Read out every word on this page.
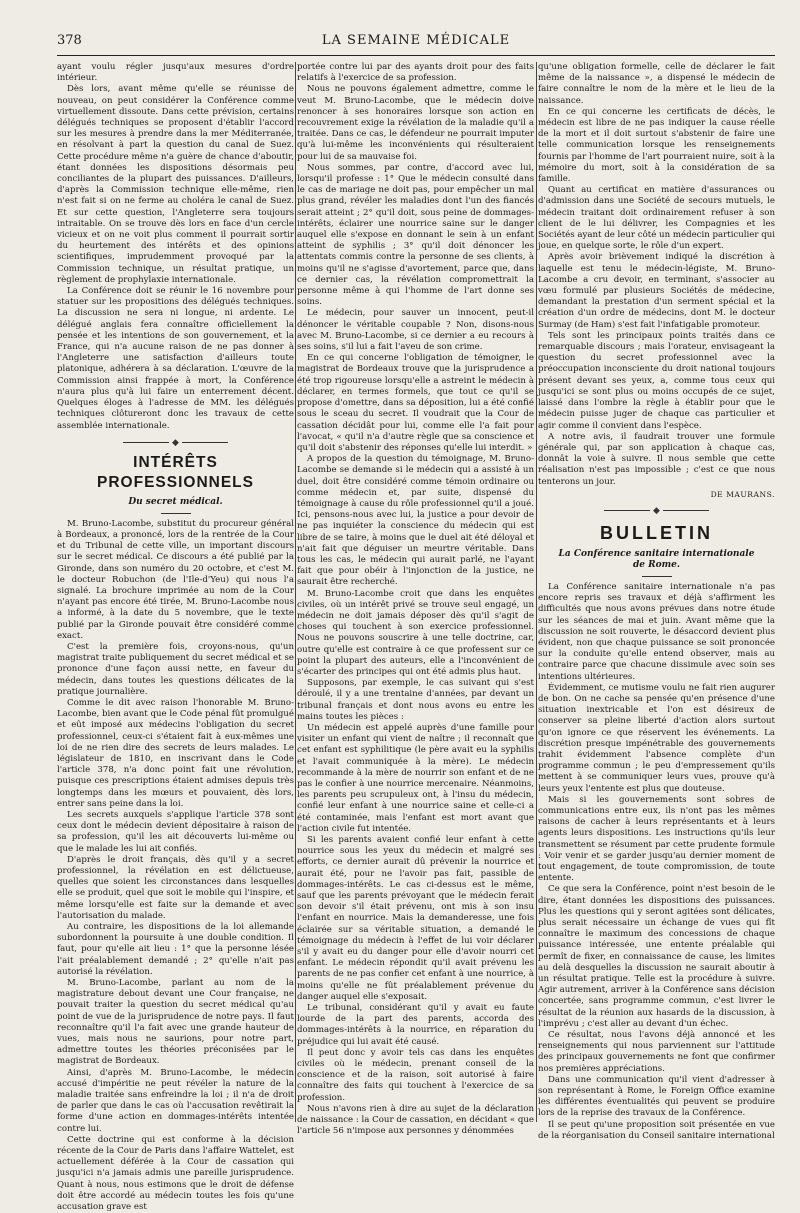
378	LA SEMAINE MÉDICALE

ayant voulu régler jusqu'aux mesures d'ordre intérieur.

Dès lors, avant même qu'elle se réunisse de nouveau, on peut considérer la Conférence comme virtuellement dissoute. Dans cette prévision, certains délégués techniques se proposent d'établir l'accord sur les mesures à prendre dans la mer Méditerranée, en résolvant à part la question du canal de Suez. Cette procédure même n'a guère de chance d'aboutir, étant données les dispositions désormais peu conciliantes de la plupart des puissances. D'ailleurs, d'après la Commission technique elle-même, rien n'est fait si on ne ferme au choléra le canal de Suez. Et sur cette question, l'Angleterre sera toujours intraitable. On se trouve dès lors en face d'un cercle vicieux et on ne voit plus comment il pourrait sortir du heurtement des intérêts et des opinions scientifiques, imprudemment provoqué par la Commission technique, un résultat pratique, un règlement de prophylaxie internationale.

La Conférence doit se réunir le 16 novembre pour statuer sur les propositions des délégués techniques. La discussion ne sera ni longue, ni ardente. Le délégué anglais fera connaître officiellement la pensée et les intentions de son gouvernement, et la France, qui n'a aucune raison de ne pas donner à l'Angleterre une satisfaction d'ailleurs toute platonique, adhérera à sa déclaration. L'œuvre de la Commission ainsi frappée à mort, la Conférence n'aura plus qu'à lui faire un enterrement décent. Quelques éloges à l'adresse de MM. les délégués techniques clôtureront donc les travaux de cette assemblée internationale.

◆
INTÉRÊTS PROFESSIONNELS
Du secret médical.

M. Bruno-Lacombe, substitut du procureur général à Bordeaux, a prononcé, lors de la rentrée de la Cour et du Tribunal de cette ville, un important discours sur le secret médical. Ce discours a été publié par la Gironde, dans son numéro du 20 octobre, et c'est M. le docteur Robuchon (de l'Ile-d'Yeu) qui nous l'a signalé. La brochure imprimée au nom de la Cour n'ayant pas encore été tirée, M. Bruno-Lacombe nous a informé, à la date du 5 novembre, que le texte publié par la Gironde pouvait être considéré comme exact.

C'est la première fois, croyons-nous, qu'un magistrat traite publiquement du secret médical et se prononce d'une façon aussi nette, en faveur du médecin, dans toutes les questions délicates de la pratique journalière.

Comme le dit avec raison l'honorable M. Bruno-Lacombe, bien avant que le Code pénal fût promulgué et eût imposé aux médecins l'obligation du secret professionnel, ceux-ci s'étaient fait à eux-mêmes une loi de ne rien dire des secrets de leurs malades. Le législateur de 1810, en inscrivant dans le Code l'article 378, n'a donc point fait une révolution, puisque ces prescriptions étaient admises depuis très longtemps dans les mœurs et pouvaient, dès lors, entrer sans peine dans la loi.

Les secrets auxquels s'applique l'article 378 sont ceux dont le médecin devient dépositaire à raison de sa profession, qu'il les ait découverts lui-même ou que le malade les lui ait confiés.

D'après le droit français, dès qu'il y a secret professionnel, la révélation en est délictueuse, quelles que soient les circonstances dans lesquelles elle se produit, quel que soit le mobile qui l'inspire, et même lorsqu'elle est faite sur la demande et avec l'autorisation du malade.

Au contraire, les dispositions de la loi allemande subordonnent la poursuite à une double condition. Il faut, pour qu'elle ait lieu : 1° que la personne lésée l'ait préalablement demandé ; 2° qu'elle n'ait pas autorisé la révélation.

M. Bruno-Lacombe, parlant au nom de la magistrature debout devant une Cour française, ne pouvait traiter la question du secret médical qu'au point de vue de la jurisprudence de notre pays. Il faut reconnaître qu'il l'a fait avec une grande hauteur de vues, mais nous ne saurions, pour notre part, admettre toutes les théories préconisées par le magistrat de Bordeaux.

Ainsi, d'après M. Bruno-Lacombe, le médecin accusé d'impéritie ne peut révéler la nature de la maladie traitée sans enfreindre la loi ; il n'a de droit de parler que dans le cas où l'accusation revêtirait la forme d'une action en dommages-intérêts intentée contre lui.

Cette doctrine qui est conforme à la décision récente de la Cour de Paris dans l'affaire Wattelet, est actuellement déférée à la Cour de cassation qui jusqu'ici n'a jamais admis une pareille jurisprudence. Quant à nous, nous estimons que le droit de défense doit être accordé au médecin toutes les fois qu'une accusation grave est

portée contre lui par des ayants droit pour des faits relatifs à l'exercice de sa profession.

Nous ne pouvons également admettre, comme le veut M. Bruno-Lacombe, que le médecin doive renoncer à ses honoraires lorsque son action en recouvrement exige la révélation de la maladie qu'il a traitée. Dans ce cas, le défendeur ne pourrait imputer qu'à lui-même les inconvénients qui résulteraient pour lui de sa mauvaise foi.

Nous sommes, par contre, d'accord avec lui, lorsqu'il professe : 1° Que le médecin consulté dans le cas de mariage ne doit pas, pour empêcher un mal plus grand, révéler les maladies dont l'un des fiancés serait atteint ; 2° qu'il doit, sous peine de dommages-intérêts, éclairer une nourrice saine sur le danger auquel elle s'expose en donnant le sein à un enfant atteint de syphilis ; 3° qu'il doit dénoncer les attentats commis contre la personne de ses clients, à moins qu'il ne s'agisse d'avortement, parce que, dans ce dernier cas, la révélation compromettrait la personne même à qui l'homme de l'art donne ses soins.

Le médecin, pour sauver un innocent, peut-il dénoncer le véritable coupable ? Non, disons-nous avec M. Bruno-Lacombe, si ce dernier a eu recours à ses soins, s'il lui a fait l'aveu de son crime.

En ce qui concerne l'obligation de témoigner, le magistrat de Bordeaux trouve que la jurisprudence a été trop rigoureuse lorsqu'elle a astreint le médecin à déclarer, en termes formels, que tout ce qu'il se propose d'omettre, dans sa déposition, lui a été confié sous le sceau du secret. Il voudrait que la Cour de cassation décidât pour lui, comme elle l'a fait pour l'avocat, « qu'il n'a d'autre règle que sa conscience et qu'il doit s'abstenir des réponses qu'elle lui interdit. »

A propos de la question du témoignage, M. Bruno-Lacombe se demande si le médecin qui a assisté à un duel, doit être considéré comme témoin ordinaire ou comme médecin et, par suite, dispensé du témoignage à cause du rôle professionnel qu'il a joué. Ici, pensons-nous avec lui, la justice a pour devoir de ne pas inquiéter la conscience du médecin qui est libre de se taire, à moins que le duel ait été déloyal et n'ait fait que déguiser un meurtre véritable. Dans tous les cas, le médecin qui aurait parlé, ne l'ayant fait que pour obéir à l'injonction de la justice, ne saurait être recherché.

M. Bruno-Lacombe croit que dans les enquêtes civiles, où un intérêt privé se trouve seul engagé, un médecin ne doit jamais déposer dès qu'il s'agit de choses qui touchent à son exercice professionnel. Nous ne pouvons souscrire à une telle doctrine, car, outre qu'elle est contraire à ce que professent sur ce point la plupart des auteurs, elle a l'inconvénient de s'écarter des principes qui ont été admis plus haut.

Supposons, par exemple, le cas suivant qui s'est déroulé, il y a une trentaine d'années, par devant un tribunal français et dont nous avons eu entre les mains toutes les pièces :

Un médecin est appelé auprès d'une famille pour visiter un enfant qui vient de naître ; il reconnaît que cet enfant est syphilitique (le père avait eu la syphilis et l'avait communiquée à la mère). Le médecin recommande à la mère de nourrir son enfant et de ne pas le confier à une nourrice mercenaire. Néanmoins, les parents peu scrupuleux ont, à l'insu du médecin, confié leur enfant à une nourrice saine et celle-ci a été contaminée, mais l'enfant est mort avant que l'action civile fut intentée.

Si les parents avaient confié leur enfant à cette nourrice sous les yeux du médecin et malgré ses efforts, ce dernier aurait dû prévenir la nourrice et aurait été, pour ne l'avoir pas fait, passible de dommages-intérêts. Le cas ci-dessus est le même, sauf que les parents prévoyant que le médecin ferait son devoir s'il était prévenu, ont mis à son insu l'enfant en nourrice. Mais la demanderesse, une fois éclairée sur sa véritable situation, a demandé le témoignage du médecin à l'effet de lui voir déclarer s'il y avait eu du danger pour elle d'avoir nourri cet enfant. Le médecin répondit qu'il avait prévenu les parents de ne pas confier cet enfant à une nourrice, à moins qu'elle ne fût préalablement prévenue du danger auquel elle s'exposait.

Le tribunal, considérant qu'il y avait eu faute lourde de la part des parents, accorda des dommages-intérêts à la nourrice, en réparation du préjudice qui lui avait été causé.

Il peut donc y avoir tels cas dans les enquêtes civiles où le médecin, prenant conseil de la conscience et de la raison, soit autorisé à faire connaître des faits qui touchent à l'exercice de sa profession.

Nous n'avons rien à dire au sujet de la déclaration de naissance : la Cour de cassation, en décidant « que l'article 56 n'impose aux personnes y dénommées

qu'une obligation formelle, celle de déclarer le fait même de la naissance », a dispensé le médecin de faire connaître le nom de la mère et le lieu de la naissance.

En ce qui concerne les certificats de décès, le médecin est libre de ne pas indiquer la cause réelle de la mort et il doit surtout s'abstenir de faire une telle communication lorsque les renseignements fournis par l'homme de l'art pourraient nuire, soit à la mémoire du mort, soit à la considération de sa famille.

Quant au certificat en matière d'assurances ou d'admission dans une Société de secours mutuels, le médecin traitant doit ordinairement refuser à son client de le lui délivrer, les Compagnies et les Sociétés ayant de leur côté un médecin particulier qui joue, en quelque sorte, le rôle d'un expert.

Après avoir brièvement indiqué la discrétion à laquelle est tenu le médecin-légiste, M. Bruno-Lacombe a cru devoir, en terminant, s'associer au vœu formulé par plusieurs Sociétés de médecine, demandant la prestation d'un serment spécial et la création d'un ordre de médecins, dont M. le docteur Surmay (de Ham) s'est fait l'infatigable promoteur.

Tels sont les principaux points traités dans ce remarquable discours ; mais l'orateur, envisageant la question du secret professionnel avec la préoccupation inconsciente du droit national toujours présent devant ses yeux, a, comme tous ceux qui jusqu'ici se sont plus ou moins occupés de ce sujet, laissé dans l'ombre la règle à établir pour que le médecin puisse juger de chaque cas particulier et agir comme il convient dans l'espèce.

A notre avis, il faudrait trouver une formule générale qui, par son application à chaque cas, donnât la voie à suivre. Il nous semble que cette réalisation n'est pas impossible ; c'est ce que nous tenterons un jour.

DE MAURANS.
◆
BULLETIN
La Conférence sanitaire internationale
de Rome.

La Conférence sanitaire internationale n'a pas encore repris ses travaux et déjà s'affirment les difficultés que nous avons prévues dans notre étude sur les séances de mai et juin. Avant même que la discussion ne soit rouverte, le désaccord devient plus évident, non que chaque puissance se soit prononcée sur la conduite qu'elle entend observer, mais au contraire parce que chacune dissimule avec soin ses intentions ultérieures.

Évidemment, ce mutisme voulu ne fait rien augurer de bon. On ne cache sa pensée qu'en présence d'une situation inextricable et l'on est désireux de conserver sa pleine liberté d'action alors surtout qu'on ignore ce que réservent les événements. La discrétion presque impénétrable des gouvernements trahit évidemment l'absence complète d'un programme commun ; le peu d'empressement qu'ils mettent à se communiquer leurs vues, prouve qu'à leurs yeux l'entente est plus que douteuse.

Mais si les gouvernements sont sobres de communications entre eux, ils n'ont pas les mêmes raisons de cacher à leurs représentants et à leurs agents leurs dispositions. Les instructions qu'ils leur transmettent se résument par cette prudente formule : Voir venir et se garder jusqu'au dernier moment de tout engagement, de toute compromission, de toute entente.

Ce que sera la Conférence, point n'est besoin de le dire, étant données les dispositions des puissances. Plus les questions qui y seront agitées sont délicates, plus serait nécessaire un échange de vues qui fît connaître le maximum des concessions de chaque puissance intéressée, une entente préalable qui permît de fixer, en connaissance de cause, les limites au delà desquelles la discussion ne saurait aboutir à un résultat pratique. Telle est la procédure à suivre. Agir autrement, arriver à la Conférence sans décision concertée, sans programme commun, c'est livrer le résultat de la réunion aux hasards de la discussion, à l'imprévu ; c'est aller au devant d'un échec.

Ce résultat, nous l'avons déjà annoncé et les renseignements qui nous parviennent sur l'attitude des principaux gouvernements ne font que confirmer nos premières appréciations.

Dans une communication qu'il vient d'adresser à son représentant à Rome, le Foreign Office examine les différentes éventualités qui peuvent se produire lors de la reprise des travaux de la Conférence.

Il se peut qu'une proposition soit présentée en vue de la réorganisation du Conseil sanitaire international
